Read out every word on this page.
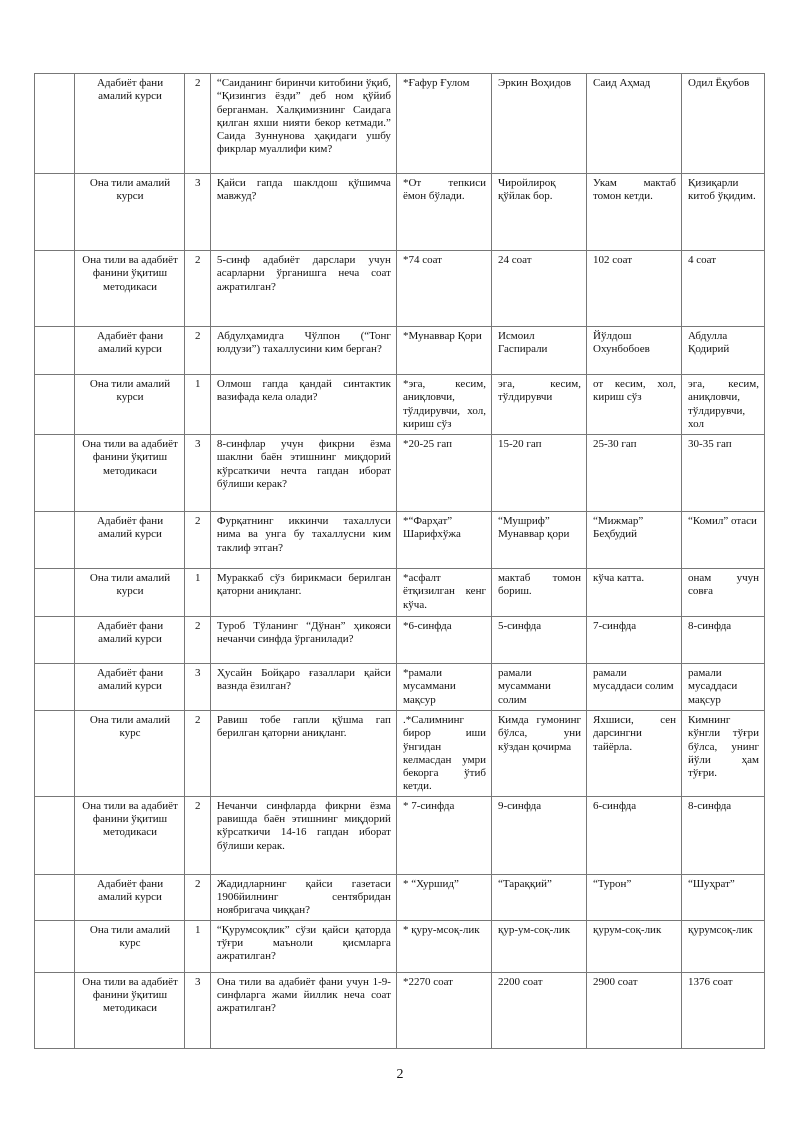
	Адабиёт фани амалий курси	2	“Саиданинг биринчи китобини ўқиб, “Қизингиз ёзди” деб ном қўйиб берганман. Халқимизнинг Саидага қилган яхши нияти бекор кетмади.” Саида Зуннунова ҳақидаги ушбу фикрлар муаллифи ким?	*Ғафур Ғулом	Эркин Воҳидов	Саид Аҳмад	Одил Ёқубов
	Она тили амалий курси	3	Қайси гапда шаклдош қўшимча мавжуд?	*От тепкиси ёмон бўлади.	Чиройлироқ қўйлак бор.	Укам мактаб томон кетди.	Қизиқарли китоб ўқидим.
	Она тили ва адабиёт фанини ўқитиш методикаси	2	5-синф адабиёт дарслари учун асарларни ўрганишга неча соат ажратилган?	*74 соат	24 соат	102 соат	4 соат
	Адабиёт фани амалий курси	2	Абдулҳамидга Чўлпон (“Тонг юлдузи”) тахаллусини ким берган?	*Мунаввар Қори	Исмоил Гаспирали	Йўлдош Охунбобоев	Абдулла Қодирий
	Она тили амалий курси	1	Олмош гапда қандай синтактик вазифада кела олади?	*эга, кесим, аниқловчи, тўлдирувчи, хол, кириш сўз	эга, кесим, тўлдирувчи	от кесим, хол, кириш сўз	эга, кесим, аниқловчи, тўлдирувчи, хол
	Она тили ва адабиёт фанини ўқитиш методикаси	3	8-синфлар учун фикрни ёзма шаклни баён этишнинг миқдорий кўрсаткичи нечта гапдан иборат бўлиши керак?	*20-25 гап	15-20 гап	25-30 гап	30-35 гап
	Адабиёт фани амалий курси	2	Фурқатнинг иккинчи тахаллуси нима ва унга бу тахаллусни ким таклиф этган?	*“Фарҳат” Шарифхўжа	“Мушриф” Мунаввар қори	“Мижмар” Беҳбудий	“Комил” отаси
	Она тили амалий курси	1	Мураккаб сўз бирикмаси берилган қаторни аниқланг.	*асфалт ётқизилган кенг кўча.	мактаб томон бориш.	кўча катта.	онам учун совға
	Адабиёт фани амалий курси	2	Туроб Тўланинг “Дўнан” ҳикояси нечанчи синфда ўрганилади?	*6-синфда	5-синфда	7-синфда	8-синфда
	Адабиёт фани амалий курси	3	Ҳусайн Бойқаро ғазаллари қайси вазнда ёзилган?	*рамали мусаммани мақсур	рамали мусаммани солим	рамали мусаддаси солим	рамали мусаддаси мақсур
	Она тили амалий курс	2	Равиш тобе гапли қўшма гап берилган қаторни аниқланг.	.*Салимнинг бирор иши ўнгидан келмасдан умри бекорга ўтиб кетди.	Кимда гумонинг бўлса, уни кўздан қочирма	Яхшиси, сен дарсингни тайёрла.	Кимнинг кўнгли тўғри бўлса, унинг йўли ҳам тўғри.
	Она тили ва адабиёт фанини ўқитиш методикаси	2	Нечанчи синфларда фикрни ёзма равишда баён этишнинг миқдорий кўрсаткичи 14-16 гапдан иборат бўлиши керак.	* 7-синфда	9-синфда	6-синфда	8-синфда
	Адабиёт фани амалий курси	2	Жадидларнинг қайси газетаси 1906йилнинг сентябридан ноябригача чиққан?	* “Хуршид”	“Тараққий”	“Турон”	“Шуҳрат”
	Она тили амалий курс	1	“Қурумсоқлик” сўзи қайси қаторда тўғри маъноли қисмларга ажратилган?	* қуру-мсоқ-лик	қур-ум-соқ-лик	қурум-соқ-лик	қурумсоқ-лик
	Она тили ва адабиёт фанини ўқитиш методикаси	3	Она тили ва адабиёт фани учун 1-9-синфларга жами йиллик неча соат ажратилган?	*2270 соат	2200 соат	2900 соат	1376 соат
2
